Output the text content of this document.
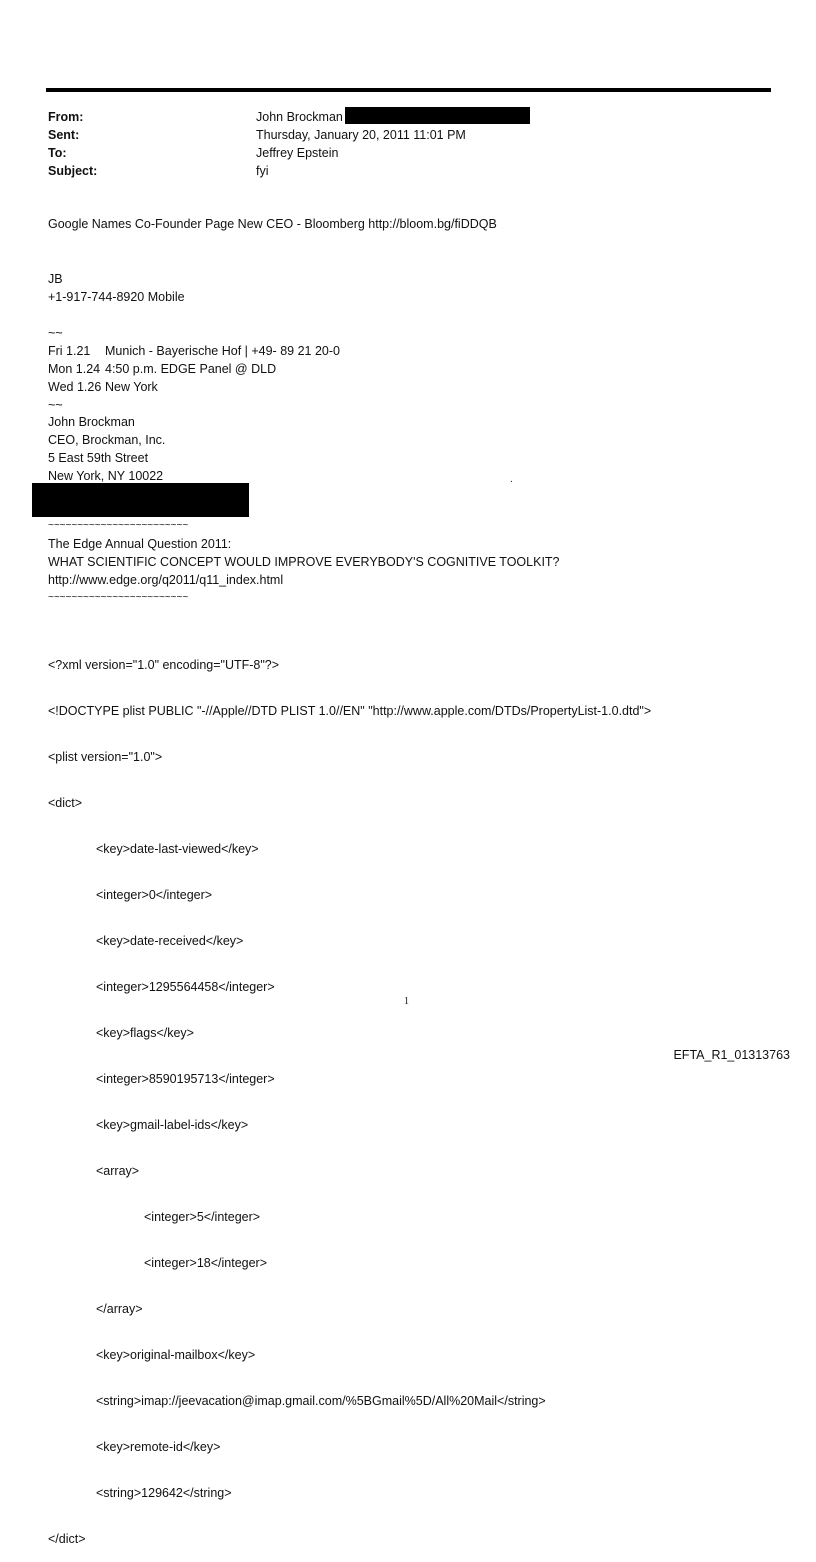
From:	John Brockman
Sent:	Thursday, January 20, 2011 11:01 PM
To:	Jeffrey Epstein
Subject:	fyi
Google Names Co-Founder Page New CEO - Bloomberg http://bloom.bg/fiDDQB
JB
+1-917-744-8920 Mobile
~~
Fri 1.21 Munich - Bayerische Hof | +49- 89 21 20-0
Mon 1.24 4:50 p.m. EDGE Panel @ DLD
Wed 1.26 New York
~~
John Brockman
CEO, Brockman, Inc.
5 East 59th Street
New York, NY 10022	.
~~~~~~~~~~~~~~~~~~~~~~~~
The Edge Annual Question 2011:
WHAT SCIENTIFIC CONCEPT WOULD IMPROVE EVERYBODY'S COGNITIVE TOOLKIT?
http://www.edge.org/q2011/q11_index.html
~~~~~~~~~~~~~~~~~~~~~~~~

<?xml version="1.0" encoding="UTF-8"?>

<!DOCTYPE plist PUBLIC "-//Apple//DTD PLIST 1.0//EN" "http://www.apple.com/DTDs/PropertyList-1.0.dtd">

<plist version="1.0">

<dict>

<key>date-last-viewed</key>

<integer>0</integer>

<key>date-received</key>

<integer>1295564458</integer>

<key>flags</key>

<integer>8590195713</integer>

<key>gmail-label-ids</key>

<array>

<integer>5</integer>

<integer>18</integer>

</array>

<key>original-mailbox</key>

<string>imap://jeevacation@imap.gmail.com/%5BGmail%5D/All%20Mail</string>

<key>remote-id</key>

<string>129642</string>

</dict>

1
EFTA_R1_01313763
